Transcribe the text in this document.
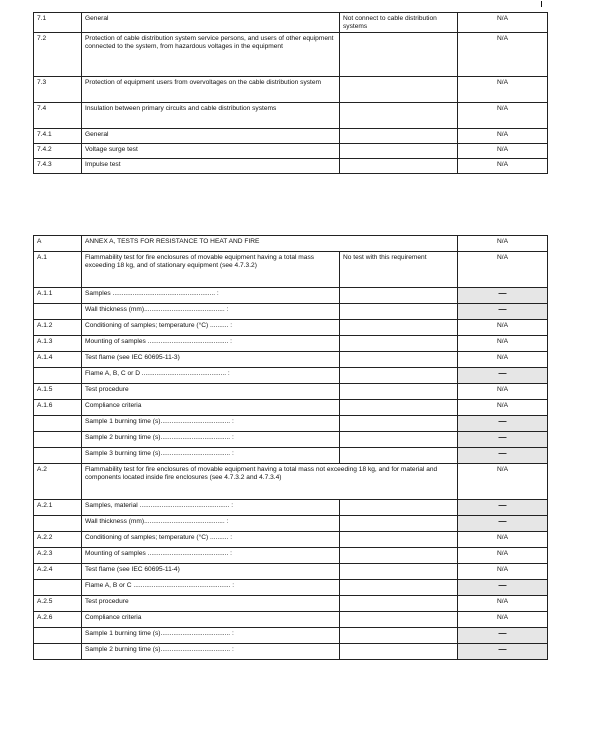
7.1	General	Not connect to cable distribution systems	N/A
7.2	Protection of cable distribution system service persons, and users of other equipment connected to the system, from hazardous voltages in the equipment		N/A
7.3	Protection of equipment users from overvoltages on the cable distribution system		N/A
7.4	Insulation between primary circuits and cable distribution systems		N/A
7.4.1	General		N/A
7.4.2	Voltage surge test		N/A
7.4.3	Impulse test		N/A
A	ANNEX A, TESTS FOR RESISTANCE TO HEAT AND FIRE		N/A
A.1	Flammability test for fire enclosures of movable equipment having a total mass exceeding 18 kg, and of stationary equipment (see 4.7.3.2)	No test with this requirement	N/A
A.1.1	Samples ........................................................ :		—
	Wall thickness (mm)............................................ :		—
A.1.2	Conditioning of samples; temperature (°C) .......... :		N/A
A.1.3	Mounting of samples ............................................ :		N/A
A.1.4	Test flame (see IEC 60695-11-3)		N/A
	Flame A, B, C or D .............................................. :		—
A.1.5	Test procedure		N/A
A.1.6	Compliance criteria		N/A
	Sample 1 burning time (s)...................................... :		—
	Sample 2 burning time (s)...................................... :		—
	Sample 3 burning time (s)...................................... :		—
A.2	Flammability test for fire enclosures of movable equipment having a total mass not exceeding 18 kg, and for material and components located inside fire enclosures (see 4.7.3.2 and 4.7.3.4)		N/A
A.2.1	Samples, material ................................................. :		—
	Wall thickness (mm)............................................ :		—
A.2.2	Conditioning of samples; temperature (°C) .......... :		N/A
A.2.3	Mounting of samples ............................................ :		N/A
A.2.4	Test flame (see IEC 60695-11-4)		N/A
	Flame A, B or C ..................................................... :		—
A.2.5	Test procedure		N/A
A.2.6	Compliance criteria		N/A
	Sample 1 burning time (s)...................................... :		—
	Sample 2 burning time (s)...................................... :		—
